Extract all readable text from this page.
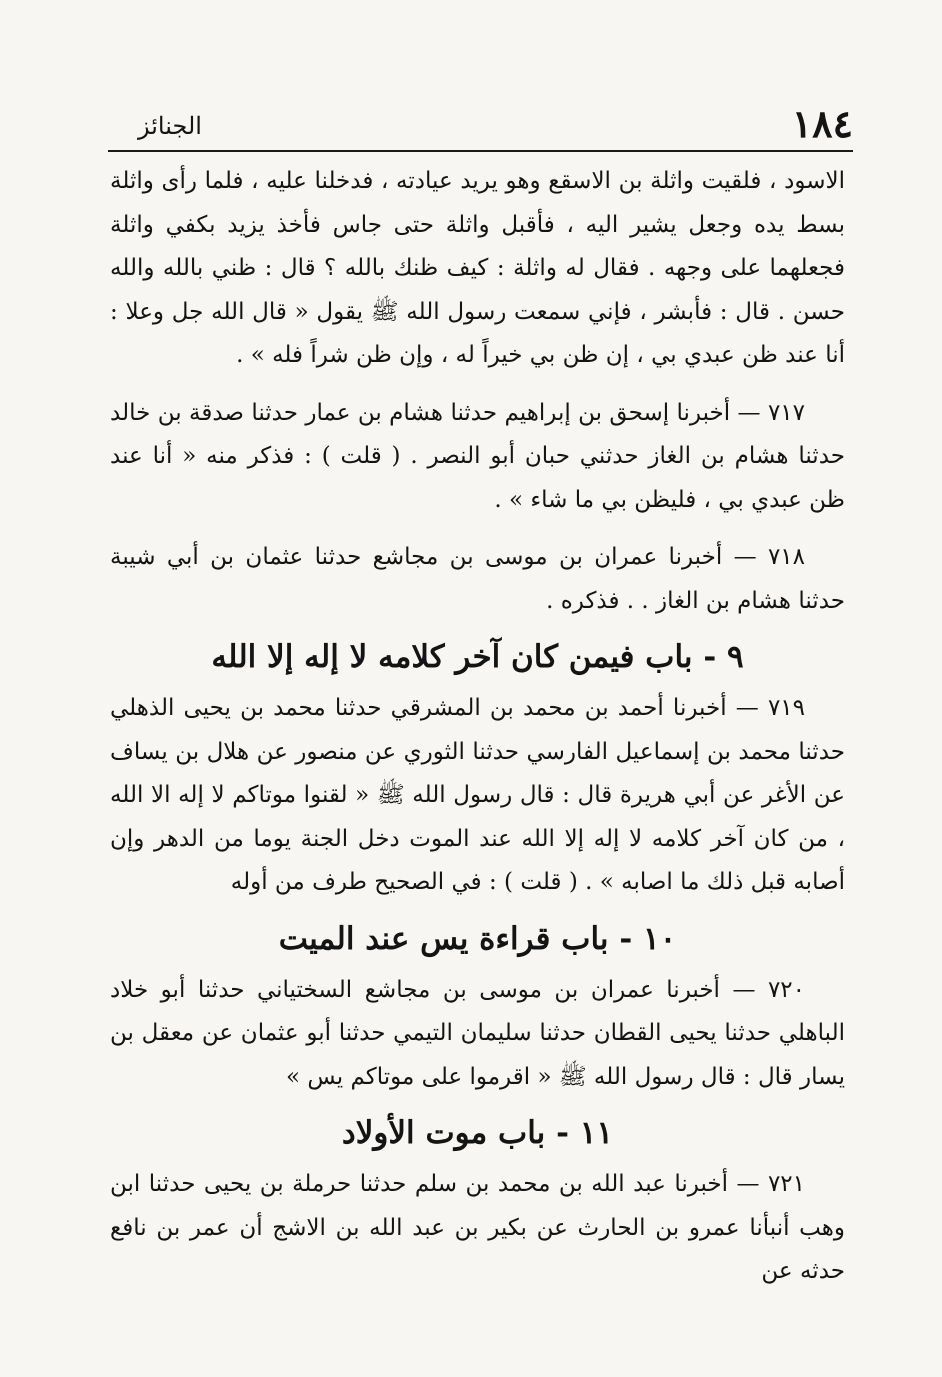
١٨٤
الجنائز

الاسود ، فلقيت واثلة بن الاسقع وهو يريد عيادته ، فدخلنا عليه ، فلما رأى واثلة بسط يده وجعل يشير اليه ، فأقبل واثلة حتى جاس فأخذ يزيد بكفي واثلة فجعلهما على وجهه . فقال له واثلة : كيف ظنك بالله ؟ قال : ظني بالله والله حسن . قال : فأبشر ، فإني سمعت رسول الله ﷺ يقول « قال الله جل وعلا : أنا عند ظن عبدي بي ، إن ظن بي خيراً له ، وإن ظن شراً فله » .

٧١٧ — أخبرنا إسحق بن إبراهيم حدثنا هشام بن عمار حدثنا صدقة بن خالد حدثنا هشام بن الغاز حدثني حبان أبو النصر . ( قلت ) : فذكر منه « أنا عند ظن عبدي بي ، فليظن بي ما شاء » .

٧١٨ — أخبرنا عمران بن موسى بن مجاشع حدثنا عثمان بن أبي شيبة حدثنا هشام بن الغاز . . فذكره .

٩ - باب فيمن كان آخر كلامه لا إله إلا الله

٧١٩ — أخبرنا أحمد بن محمد بن المشرقي حدثنا محمد بن يحيى الذهلي حدثنا محمد بن إسماعيل الفارسي حدثنا الثوري عن منصور عن هلال بن يساف عن الأغر عن أبي هريرة قال : قال رسول الله ﷺ « لقنوا موتاكم لا إله الا الله ، من كان آخر كلامه لا إله إلا الله عند الموت دخل الجنة يوما من الدهر وإن أصابه قبل ذلك ما اصابه » . ( قلت ) : في الصحيح طرف من أوله

١٠ - باب قراءة يس عند الميت

٧٢٠ — أخبرنا عمران بن موسى بن مجاشع السختياني حدثنا أبو خلاد الباهلي حدثنا يحيى القطان حدثنا سليمان التيمي حدثنا أبو عثمان عن معقل بن يسار قال : قال رسول الله ﷺ « اقرموا على موتاكم يس »

١١ - باب موت الأولاد

٧٢١ — أخبرنا عبد الله بن محمد بن سلم حدثنا حرملة بن يحيى حدثنا ابن وهب أنبأنا عمرو بن الحارث عن بكير بن عبد الله بن الاشج أن عمر بن نافع حدثه عن
